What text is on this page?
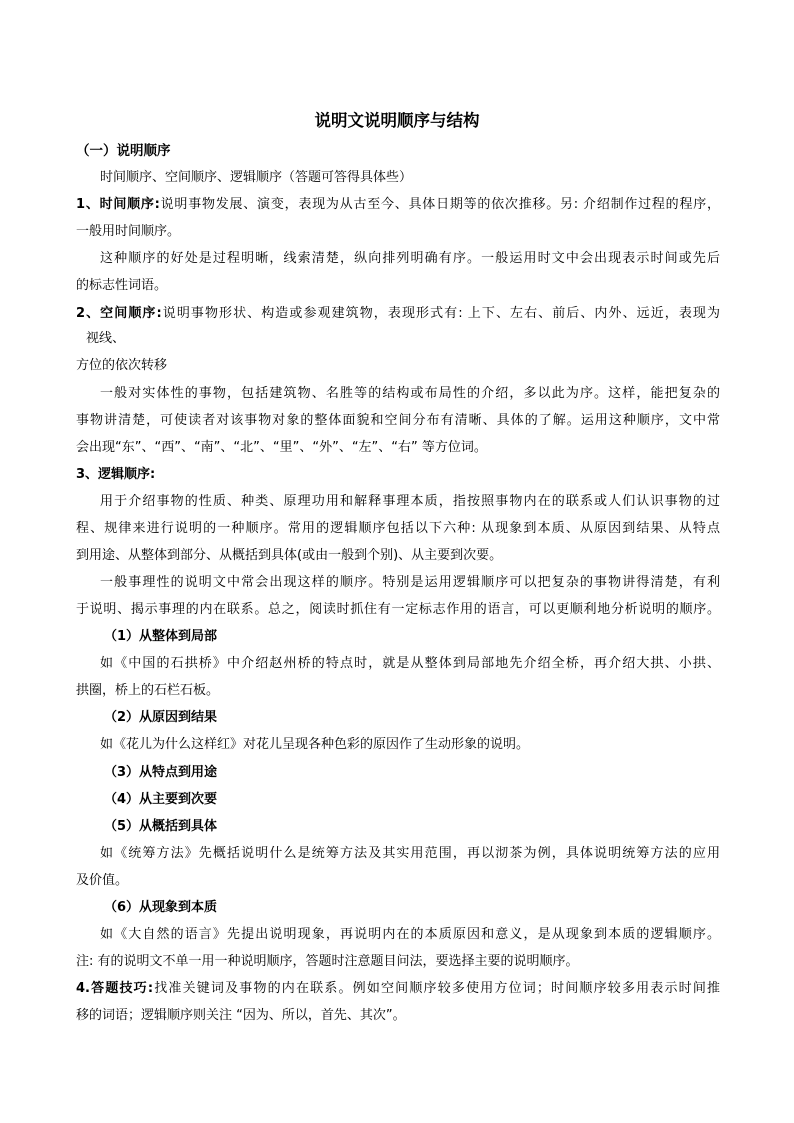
说明文说明顺序与结构
（一）说明顺序
时间顺序、空间顺序、逻辑顺序（答题可答得具体些）
1、时间顺序:说明事物发展、演变，表现为从古至今、具体日期等的依次推移。另: 介绍制作过程的程序，
一般用时间顺序。
这种顺序的好处是过程明晰，线索清楚，纵向排列明确有序。一般运用时文中会出现表示时间或先后
的标志性词语。
2、空间顺序:说明事物形状、构造或参观建筑物，表现形式有: 上下、左右、前后、内外、远近，表现为
视线、
方位的依次转移
一般对实体性的事物，包括建筑物、名胜等的结构或布局性的介绍，多以此为序。这样，能把复杂的
事物讲清楚，可使读者对该事物对象的整体面貌和空间分布有清晰、具体的了解。运用这种顺序，文中常
会出现“东”、“西”、“南”、“北”、“里”、“外”、“左”、“右” 等方位词。
3、逻辑顺序:
用于介绍事物的性质、种类、原理功用和解释事理本质，指按照事物内在的联系或人们认识事物的过
程、规律来进行说明的一种顺序。常用的逻辑顺序包括以下六种: 从现象到本质、从原因到结果、从特点
到用途、从整体到部分、从概括到具体(或由一般到个别)、从主要到次要。
一般事理性的说明文中常会出现这样的顺序。特别是运用逻辑顺序可以把复杂的事物讲得清楚，有利
于说明、揭示事理的内在联系。总之，阅读时抓住有一定标志作用的语言，可以更顺利地分析说明的顺序。
（1）从整体到局部
如《中国的石拱桥》中介绍赵州桥的特点时，就是从整体到局部地先介绍全桥，再介绍大拱、小拱、
拱圈，桥上的石栏石板。
（2）从原因到结果
如《花儿为什么这样红》对花儿呈现各种色彩的原因作了生动形象的说明。
（3）从特点到用途
（4）从主要到次要
（5）从概括到具体
如《统筹方法》先概括说明什么是统筹方法及其实用范围，再以沏茶为例，具体说明统筹方法的应用
及价值。
（6）从现象到本质
如《大自然的语言》先提出说明现象，再说明内在的本质原因和意义，是从现象到本质的逻辑顺序。
注: 有的说明文不单一用一种说明顺序，答题时注意题目问法，要选择主要的说明顺序。
4.答题技巧:找准关键词及事物的内在联系。例如空间顺序较多使用方位词；时间顺序较多用表示时间推
移的词语；逻辑顺序则关注 “因为、所以，首先、其次”。
